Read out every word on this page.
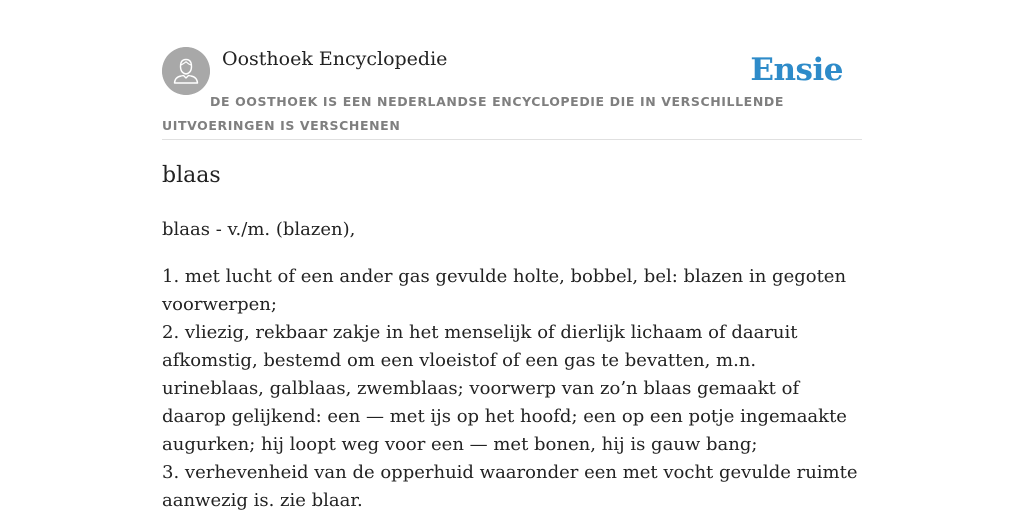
Oosthoek Encyclopedie	Ensie
DE OOSTHOEK IS EEN NEDERLANDSE ENCYCLOPEDIE DIE IN VERSCHILLENDE UITVOERINGEN IS VERSCHENEN
blaas
blaas - v./m. (blazen),

1. met lucht of een ander gas gevulde holte, bobbel, bel: blazen in gegoten voorwerpen;

2. vliezig, rekbaar zakje in het menselijk of dierlijk lichaam of daaruit afkomstig, bestemd om een vloeistof of een gas te bevatten, m.n. urineblaas, galblaas, zwemblaas; voorwerp van zo’n blaas gemaakt of daarop gelijkend: een — met ijs op het hoofd; een op een potje ingemaakte augurken; hij loopt weg voor een — met bonen, hij is gauw bang;

3. verhevenheid van de opperhuid waaronder een met vocht gevulde ruimte aanwezig is. zie blaar.
